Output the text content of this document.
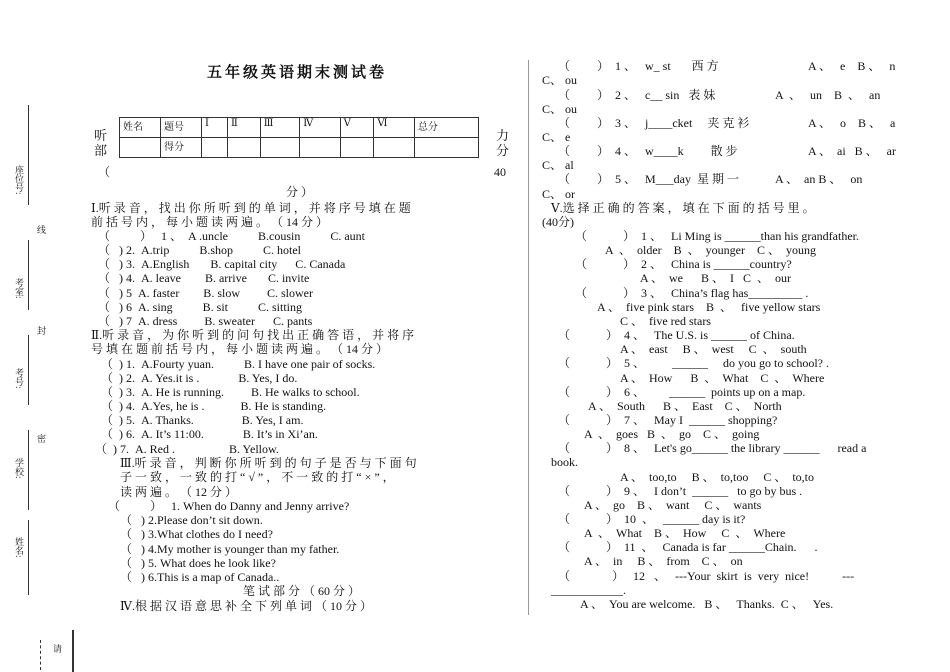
座位号:
线
考室:
封
考号:
密
学校:
姓名:
请
五年级英语期末测试卷
听
部
（
力
分
40
分 ）
姓名	题号	Ⅰ	Ⅱ	Ⅲ	Ⅳ	Ⅴ	Ⅵ	总分
	得分							
Ⅰ.听 录 音 ， 找 出 你 所 听 到 的 单 词 ， 并 将 序 号 填 在 题
前 括 号 内 ， 每 小 题 读 两 遍 。 （ 14 分 ）
（          ）   1 、  A .uncle          B.cousin          C. aunt
（   ) 2.  A.trip          B.shop          C. hotel
（   ) 3.  A.English       B. capital city      C. Canada
（   ) 4.  A. leave        B. arrive       C. invite
（   ) 5  A. faster        B. slow         C. slower
（   ) 6  A. sing          B. sit          C. sitting
（   ) 7  A. dress         B. sweater      C. pants
Ⅱ.听 录 音 ， 为 你 听 到 的 问 句 找 出 正 确 答 语 ， 并 将 序
号 填 在 题 前 括 号 内 ， 每 小 题 读 两 遍 。 （ 14 分 ）
（  ) 1.  A.Fourty yuan.          B. I have one pair of socks.
（  ) 2.  A. Yes.it is .             B. Yes, I do.
（  ) 3.  A. He is running.         B. He walks to school.
（  ) 4.  A.Yes, he is .            B. He is standing.
（  ) 5.  A. Thanks.                B. Yes, I am.
（  ) 6.  A. It’s 11:00.             B. It’s in Xi’an.
（  ) 7.  A. Red .                  B. Yellow.
Ⅲ.听 录 音 ， 判 断 你 所 听 到 的 句 子 是 否 与 下 面 句
子 一 致 ， 一 致 的 打 “ √ ” ， 不 一 致 的 打 “ × ” ，
读 两 遍 。 （ 12 分 ）
（          ）   1. When do Danny and Jenny arrive?
（   ) 2.Please don’t sit down.
（   ) 3.What clothes do I need?
（   ) 4.My mother is younger than my father.
（   ) 5. What does he look like?
（   ) 6.This is a map of Canada..
笔 试 部 分 （ 60 分 ）
Ⅳ.根 据 汉 语 意 思 补 全 下 列 单 词 （ 10 分 ）
（         ）  1 、   w_ st       西 方	A 、   e    B 、   n
C、 ou
（         ）  2 、   c__ sin   表 妹	A  、   un    B  、   an
C、 ou
（         ）  3 、   j____cket     夹 克 衫	A 、   o    B 、   a
C、 e
（         ）  4 、   w____k         散 步	A 、  ai   B 、   ar
C、 al
（         ）  5 、   M___day  星 期 一	A 、  an B 、   on
C、 or
Ⅴ.选 择 正 确 的 答 案 ， 填 在 下 面 的 括 号 里 。
(40分)
（            ）  1 、   Li Ming is ______than his grandfather.
A  、  older    B  、  younger    C 、  young
（            ）  2 、   China is ______country?
A 、  we      B 、  I   C  、  our
（            ）  3 、   China’s flag has_________ .
A 、  five pink stars    B  、   five yellow stars
C 、  five red stars
（            ）  4 、   The U.S. is ______ of China.
A 、  east     B 、  west     C  、  south
（            ）  5 、         ______     do you go to school? .
A 、  How      B  、  What    C  、  Where
（            ）  6 、        ______  points up on a map.
A 、  South      B 、  East    C 、  North
（            ）  7 、   May I  ______ shopping?
A  、  goes   B  、  go    C 、  going
（            ）  8 、   Let's go______ the library ______      read a
book.
A 、  too,to     B 、  to,too     C 、  to,to
（            ）  9 、   I don’t  ______   to go by bus .
A 、  go    B 、  want     C 、  wants
（            ）  10  、   ______ day is it?
A  、  What    B 、  How     C  、  Where
（            ）  11  、   Canada is far ______Chain.      .
A 、  in     B 、  from    C 、  on
（              ）   12   、   ---Your  skirt  is  very  nice!           ---
____________.
A 、  You are welcome.   B 、   Thanks.  C 、   Yes.
